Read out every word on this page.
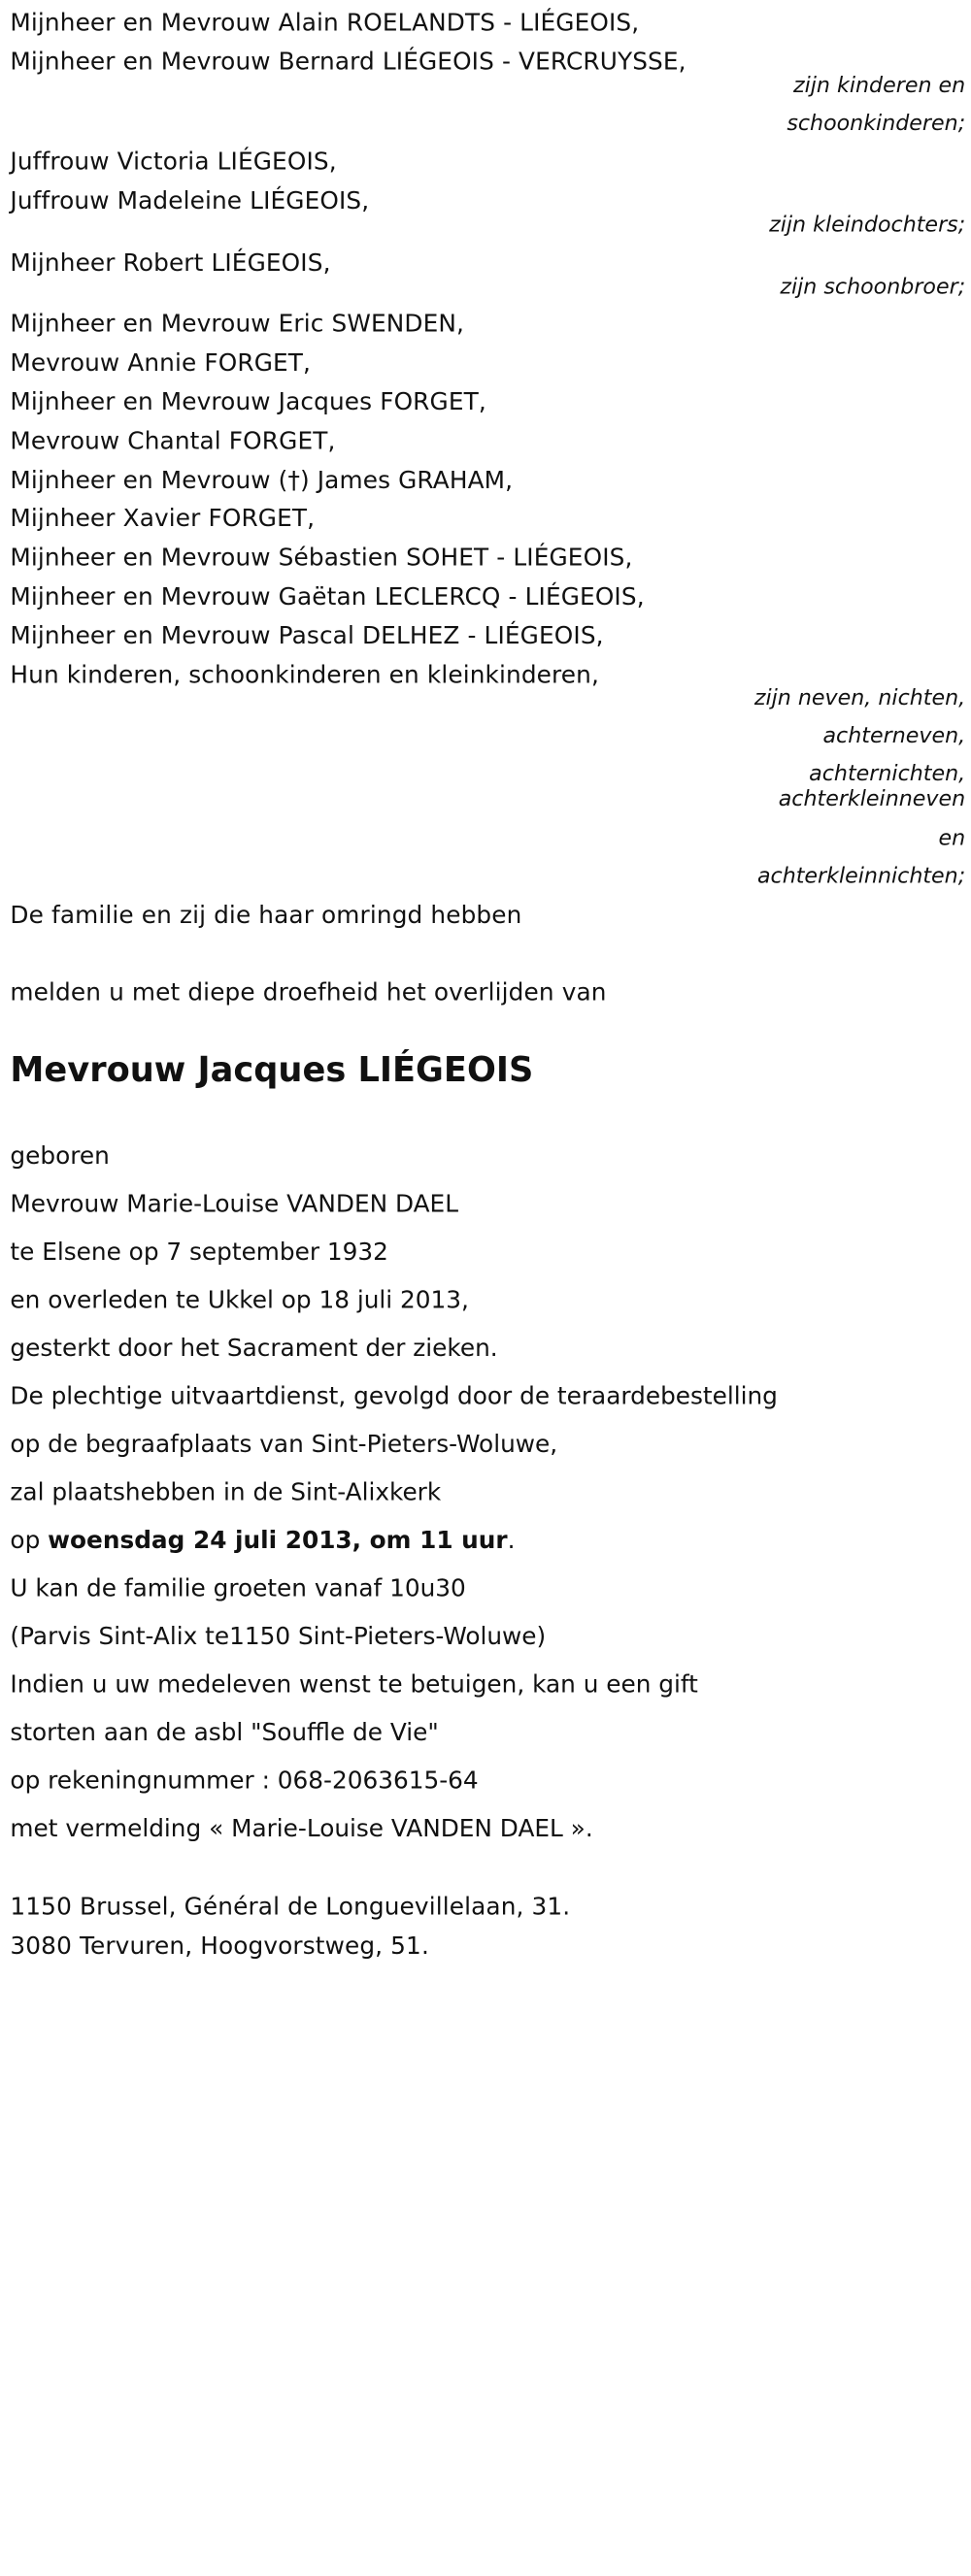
Mijnheer en Mevrouw Alain ROELANDTS - LIÉGEOIS,
Mijnheer en Mevrouw Bernard LIÉGEOIS - VERCRUYSSE,
zijn kinderen en
schoonkinderen;
Juffrouw Victoria LIÉGEOIS,
Juffrouw Madeleine LIÉGEOIS,
zijn kleindochters;
Mijnheer Robert LIÉGEOIS,
zijn schoonbroer;
Mijnheer en Mevrouw Eric SWENDEN,
Mevrouw Annie FORGET,
Mijnheer en Mevrouw Jacques FORGET,
Mevrouw Chantal FORGET,
Mijnheer en Mevrouw (†) James GRAHAM,
Mijnheer Xavier FORGET,
Mijnheer en Mevrouw Sébastien SOHET - LIÉGEOIS,
Mijnheer en Mevrouw Gaëtan LECLERCQ - LIÉGEOIS,
Mijnheer en Mevrouw Pascal DELHEZ - LIÉGEOIS,
Hun kinderen, schoonkinderen en kleinkinderen,
zijn neven, nichten,
achterneven,
achternichten,
achterkleinneven
en
achterkleinnichten;
De familie en zij die haar omringd hebben
melden u met diepe droefheid het overlijden van
Mevrouw Jacques LIÉGEOIS
geboren
Mevrouw Marie-Louise VANDEN DAEL
te Elsene op 7 september 1932
en overleden te Ukkel op 18 juli 2013,
gesterkt door het Sacrament der zieken.
De plechtige uitvaartdienst, gevolgd door de teraardebestelling
op de begraafplaats van Sint-Pieters-Woluwe,
zal plaatshebben in de Sint-Alixkerk
op woensdag 24 juli 2013, om 11 uur.
U kan de familie groeten vanaf 10u30
(Parvis Sint-Alix te1150 Sint-Pieters-Woluwe)
Indien u uw medeleven wenst te betuigen, kan u een gift
storten aan de asbl "Souffle de Vie"
op rekeningnummer : 068-2063615-64
met vermelding « Marie-Louise VANDEN DAEL ».
1150 Brussel, Général de Longuevillelaan, 31.
3080 Tervuren, Hoogvorstweg, 51.
